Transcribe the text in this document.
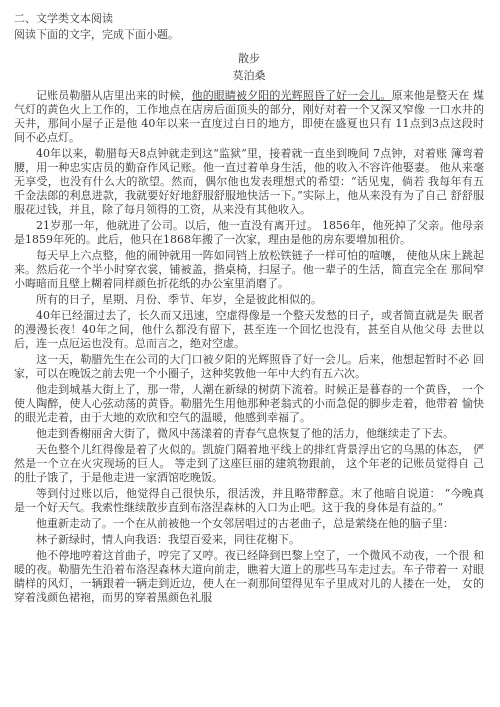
二、文学类文本阅读
阅读下面的文字，完成下面小题。
散步
莫泊桑

记账员勒腊从店里出来的时候，他的眼睛被夕阳的光辉照昏了好一会儿。原来他是整天在 煤气灯的黄色火上工作的，工作地点在店房后面顶头的部分，刚好对着一个又深又窄像 一口水井的天井，那间小屋子正是他 40年以来一直度过白日的地方，即使在盛夏也只有 11点到3点这段时间不必点灯。

40年以来，勒腊每天8点钟就走到这“监狱”里，接着就一直坐到晚间 7点钟，对着账 簿弯着腰，用一种忠实店员的勤奋作风记账。他一直过着单身生活，他的收入不容许他娶妻。 他从来毫无享受，也没有什么大的欲望。然而，偶尔他也发表理想式的希望：“话见鬼，倘若 我每年有五千金法郎的利息进款，我就要好好地舒服舒服地快活一下。”实际上，他从来没有为了自己 舒舒服服花过钱，并且，除了每月领得的工资，从来没有其他收入。

21岁那一年，他就进了公司。以后，他一直没有离开过。 1856年，他死掉了父亲。他母亲是1859年死的。此后，他只在1868年搬了一次家，理由是他的房东要增加租价。

每天早上六点整，他的闹钟就用一阵如同铛上放松铁链子一样可怕的喧嚷， 使他从床上跳起来。然后花一个半小时穿衣裳，铺被盖，揩桌椅，扫屋子。他一辈子的生活，简直完全在 那间窄小晦暗而且壁上糊着同样颜色折花纸的办公室里消磨了。

所有的日子，星期、月份、季节、年岁，全是彼此相似的。

40年已经溜过去了，长久而又迅速，空虚得像是一个整天发愁的日子，或者简直就是失 眠者的漫漫长夜！40年之间，他什么都没有留下，甚至连一个回忆也没有，甚至自从他父母 去世以后，连一点厄运也没有。总而言之，绝对空虚。

这一天，勒腊先生在公司的大门口被夕阳的光辉照昏了好一会儿。后来，他想起暂时不必 回家，可以在晚饭之前去兜一个小圈子，这种奖敦他一年中大约有五六次。

他走到城基大街上了，那一带，人潮在新绿的树荫下流着。时候正是暮春的一个黄昏， 一个使人陶醉，使人心弦动荡的黄昏。勒腊先生用他那种老翁式的小而急促的脚步走着，他带着 愉快的眼光走着，由于大地的欢欣和空气的温暖，他感到幸福了。

他走到香榭丽舍大街了，微风中荡漾着的青春气息恢复了他的活力，他继续走了下去。

天色整个儿红得像是着了火似的。凯旋门隔着地平线上的排红背景浮出它的乌黑的体态， 俨然是一个立在火灾现场的巨人。 等走到了这座巨丽的建筑物跟前， 这个年老的记账员觉得自 己的肚子饿了，于是他走进一家酒馆吃晚饭。

等到付过账以后，他觉得自己很快乐，很活泼，并且略带醉意。末了他暗自说道： “今晚真是一个好天气。我索性继续散步直到布洛涅森林的入口为止吧。这于我的身体是有益的。”

他重新走动了。一个在从前被他一个女邻居唱过的古老曲子，总是萦绕在他的脑子里：

林子新绿时，情人向我语：我望百爱来，同往花榭下。

他不停地哼着这首曲子，哼完了又哼。夜已经降到巴黎上空了，一个微风不动夜，一个很 和暖的夜。勒腊先生沿着布洛涅森林大道向前走，瞧着大道上的那些马车走过去。车子带着一 对眼睛样的风灯，一辆跟着一辆走到近边，使人在一刹那间望得见车子里成对儿的人搂在一处， 女的穿着浅颜色裙袍，而男的穿着黑颜色礼服
